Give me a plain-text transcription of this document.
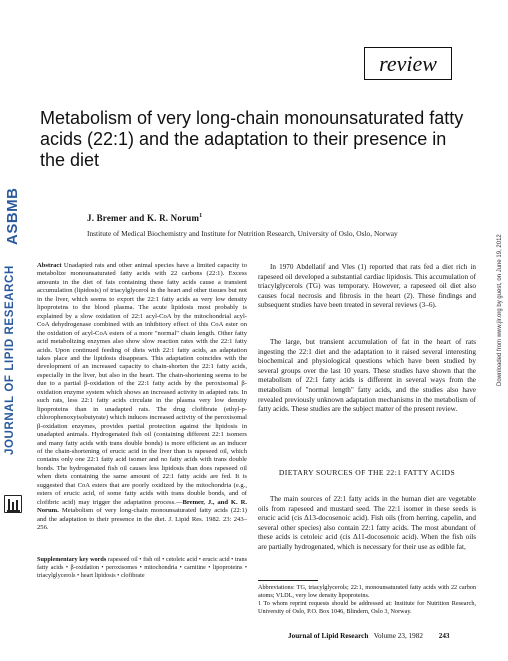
ASBMB
JOURNAL OF LIPID RESEARCH	Downloaded from www.jlr.org by guest, on June 19, 2012
review
Metabolism of very long-chain monounsaturated fatty acids (22:1) and the adaptation to their presence in the diet
J. Bremer and K. R. Norum$^1$
Institute of Medical Biochemistry and Institute for Nutrition Research, University of Oslo, Oslo, Norway
Abstract Unadapted rats and other animal species have a limited capacity to metabolize monounsaturated fatty acids with 22 carbons (22:1). Excess amounts in the diet of fats containing these fatty acids cause a transient accumulation (lipidosis) of triacylglycerol in the heart and other tissues but not in the liver, which seems to export the 22:1 fatty acids as very low density lipoproteins to the blood plasma. The acute lipidosis most probably is explained by a slow oxidation of 22:1 acyl-CoA by the mitochondrial acyl-CoA dehydrogenase combined with an inhibitory effect of this CoA ester on the oxidation of acyl-CoA esters of a more "normal" chain length. Other fatty acid metabolizing enzymes also show slow reaction rates with the 22:1 fatty acids. Upon continued feeding of diets with 22:1 fatty acids, an adaptation takes place and the lipidosis disappears. This adaptation coincides with the development of an increased capacity to chain-shorten the 22:1 fatty acids, especially in the liver, but also in the heart. The chain-shortening seems to be due to a partial β-oxidation of the 22:1 fatty acids by the peroxisomal β-oxidation enzyme system which shows an increased activity in adapted rats. In such rats, less 22:1 fatty acids circulate in the plasma very low density lipoproteins than in unadapted rats. The drug clofibrate (ethyl-p-chlorophenoxyisobutyrate) which induces increased activity of the peroxisomal β-oxidation enzymes, provides partial protection against the lipidosis in unadapted animals. Hydrogenated fish oil (containing different 22:1 isomers and many fatty acids with trans double bonds) is more efficient as an inducer of the chain-shortening of erucic acid in the liver than is rapeseed oil, which contains only one 22:1 fatty acid isomer and no fatty acids with trans double bonds. The hydrogenated fish oil causes less lipidosis than does rapeseed oil when diets containing the same amount of 22:1 fatty acids are fed. It is suggested that CoA esters that are poorly oxidized by the mitochondria (e.g., esters of erucic acid, of some fatty acids with trans double bonds, and of clofibric acid) may trigger the adaptation process.—Bremer, J., and K. R. Norum. Metabolism of very long-chain monounsaturated fatty acids (22:1) and the adaptation to their presence in the diet. J. Lipid Res. 1982. 23: 243–256.
Supplementary key words rapeseed oil • fish oil • cetoleic acid • erucic acid • trans fatty acids • β-oxidation • peroxisomes • mitochondria • carnitine • lipoproteins • triacylglycerols • heart lipidosis • clofibrate

In 1970 Abdellatif and Vles (1) reported that rats fed a diet rich in rapeseed oil developed a substantial cardiac lipidosis. This accumulation of triacylglycerols (TG) was temporary. However, a rapeseed oil diet also causes focal necrosis and fibrosis in the heart (2). These findings and subsequent studies have been treated in several reviews (3–6).

The large, but transient accumulation of fat in the heart of rats ingesting the 22:1 diet and the adaptation to it raised several interesting biochemical and physiological questions which have been studied by several groups over the last 10 years. These studies have shown that the metabolism of 22:1 fatty acids is different in several ways from the metabolism of "normal length" fatty acids, and the studies also have revealed previously unknown adaptation mechanisms in the metabolism of fatty acids. These studies are the subject matter of the present review.

DIETARY SOURCES OF THE 22:1 FATTY ACIDS

The main sources of 22:1 fatty acids in the human diet are vegetable oils from rapeseed and mustard seed. The 22:1 isomer in these seeds is erucic acid (cis Δ13-docosenoic acid). Fish oils (from herring, capelin, and several other species) also contain 22:1 fatty acids. The most abundant of these acids is cetoleic acid (cis Δ11-docosenoic acid). When the fish oils are partially hydrogenated, which is necessary for their use as edible fat,

Abbreviations: TG, triacylglycerols; 22:1, monounsaturated fatty acids with 22 carbon atoms; VLDL, very low density lipoproteins.
1 To whom reprint requests should be addressed at: Institute for Nutrition Research, University of Oslo, P.O. Box 1046, Blindern, Oslo 3, Norway.
Journal of Lipid Research Volume 23, 1982 243
